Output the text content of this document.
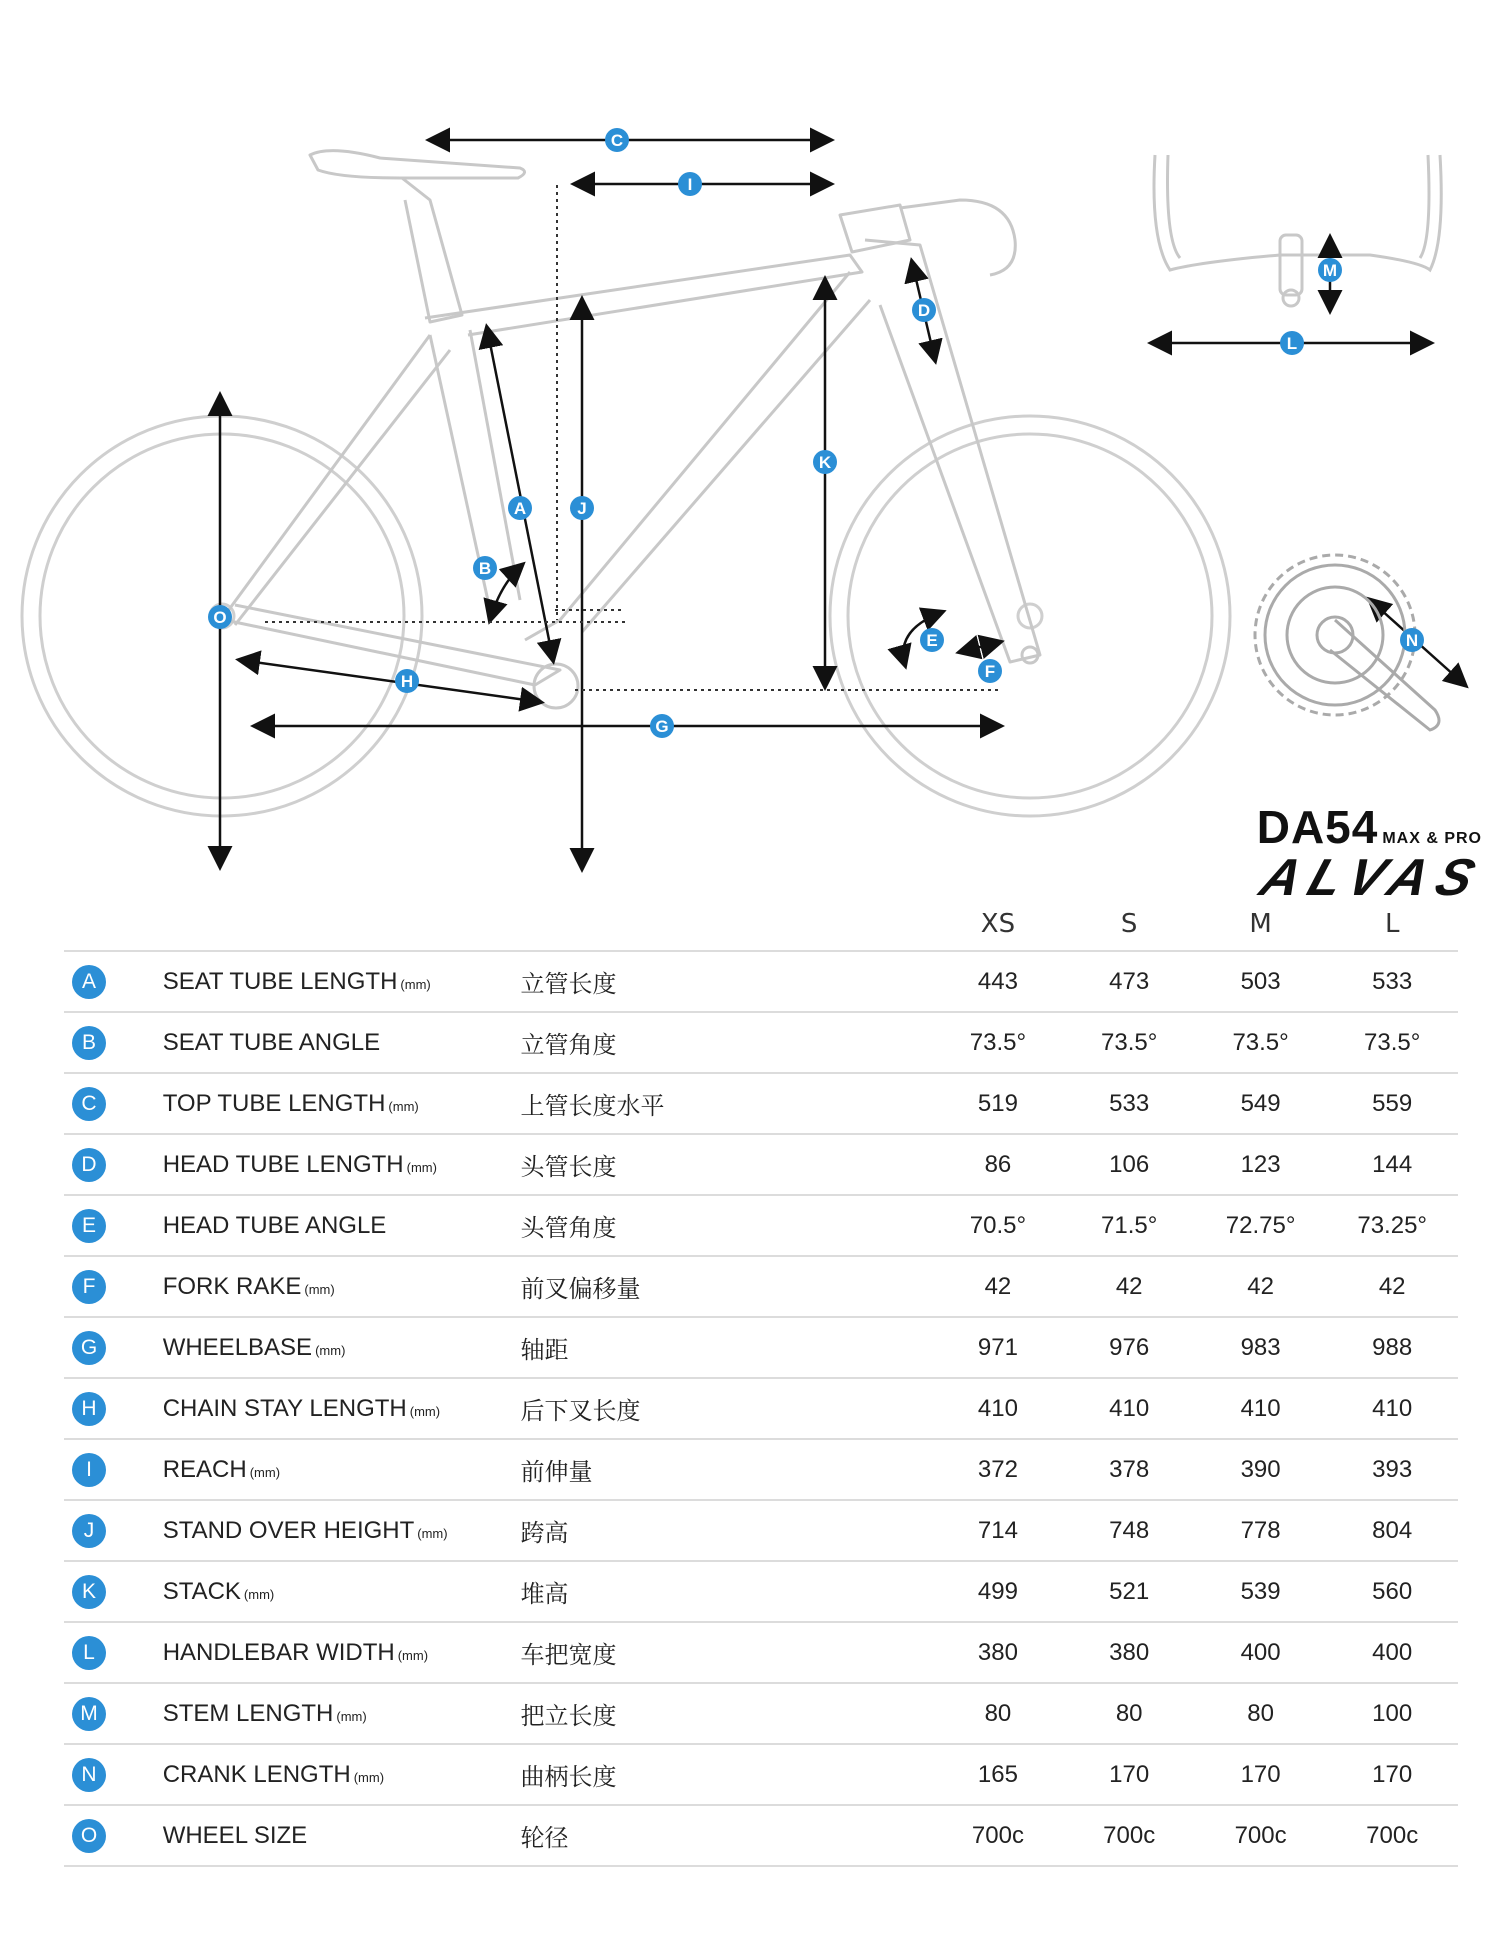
C
I
D
K
J
A
B
O
H
G
E
F
M
L
N
DA54 MAX & PRO
ALVAS
			XS	S	M	L
A	SEAT TUBE LENGTH (mm)	立管长度	443	473	503	533
B	SEAT TUBE ANGLE	立管角度	73.5°	73.5°	73.5°	73.5°
C	TOP TUBE LENGTH (mm)	上管长度水平	519	533	549	559
D	HEAD TUBE LENGTH (mm)	头管长度	86	106	123	144
E	HEAD TUBE ANGLE	头管角度	70.5°	71.5°	72.75°	73.25°
F	FORK RAKE (mm)	前叉偏移量	42	42	42	42
G	WHEELBASE (mm)	轴距	971	976	983	988
H	CHAIN STAY LENGTH (mm)	后下叉长度	410	410	410	410
I	REACH (mm)	前伸量	372	378	390	393
J	STAND OVER HEIGHT (mm)	跨高	714	748	778	804
K	STACK (mm)	堆高	499	521	539	560
L	HANDLEBAR WIDTH (mm)	车把宽度	380	380	400	400
M	STEM LENGTH (mm)	把立长度	80	80	80	100
N	CRANK LENGTH (mm)	曲柄长度	165	170	170	170
O	WHEEL SIZE	轮径	700c	700c	700c	700c
